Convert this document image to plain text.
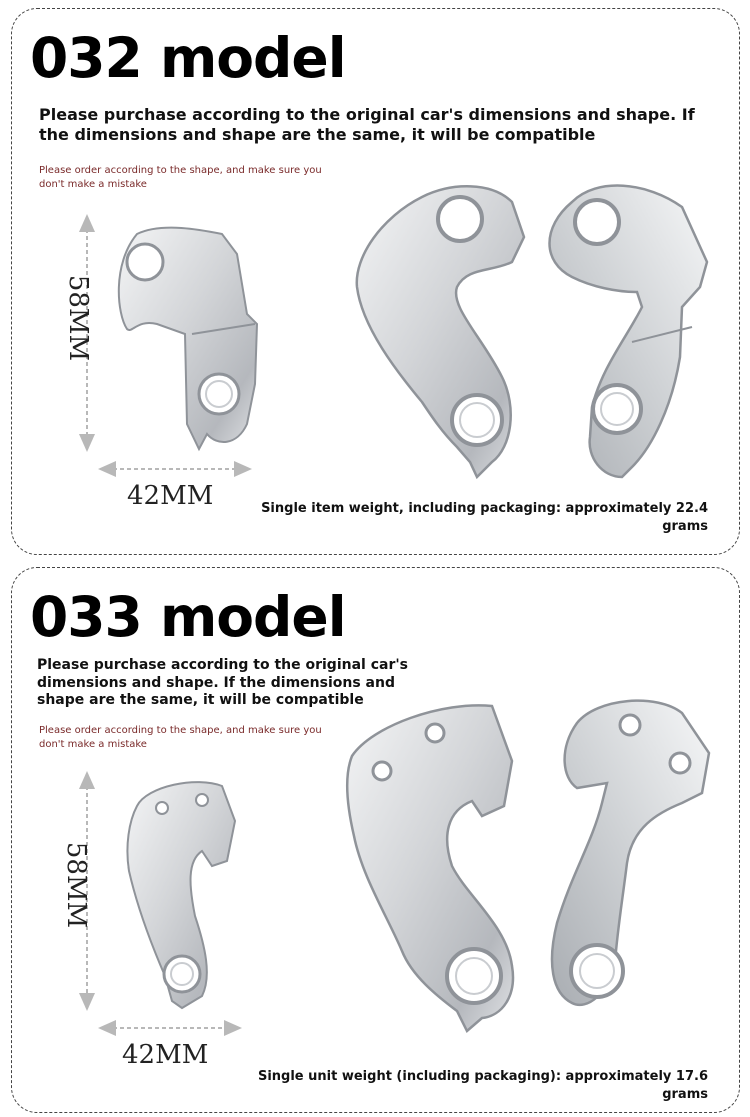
032 model
Please purchase according to the original car's dimensions and shape. If the dimensions and shape are the same, it will be compatible
Please order according to the shape, and make sure you don't make a mistake
58MM
42MM	Single item weight, including packaging: approximately 22.4 grams
033 model
Please purchase according to the original car's dimensions and shape. If the dimensions and shape are the same, it will be compatible
Please order according to the shape, and make sure you don't make a mistake
58MM
42MM
Single unit weight (including packaging): approximately 17.6 grams
